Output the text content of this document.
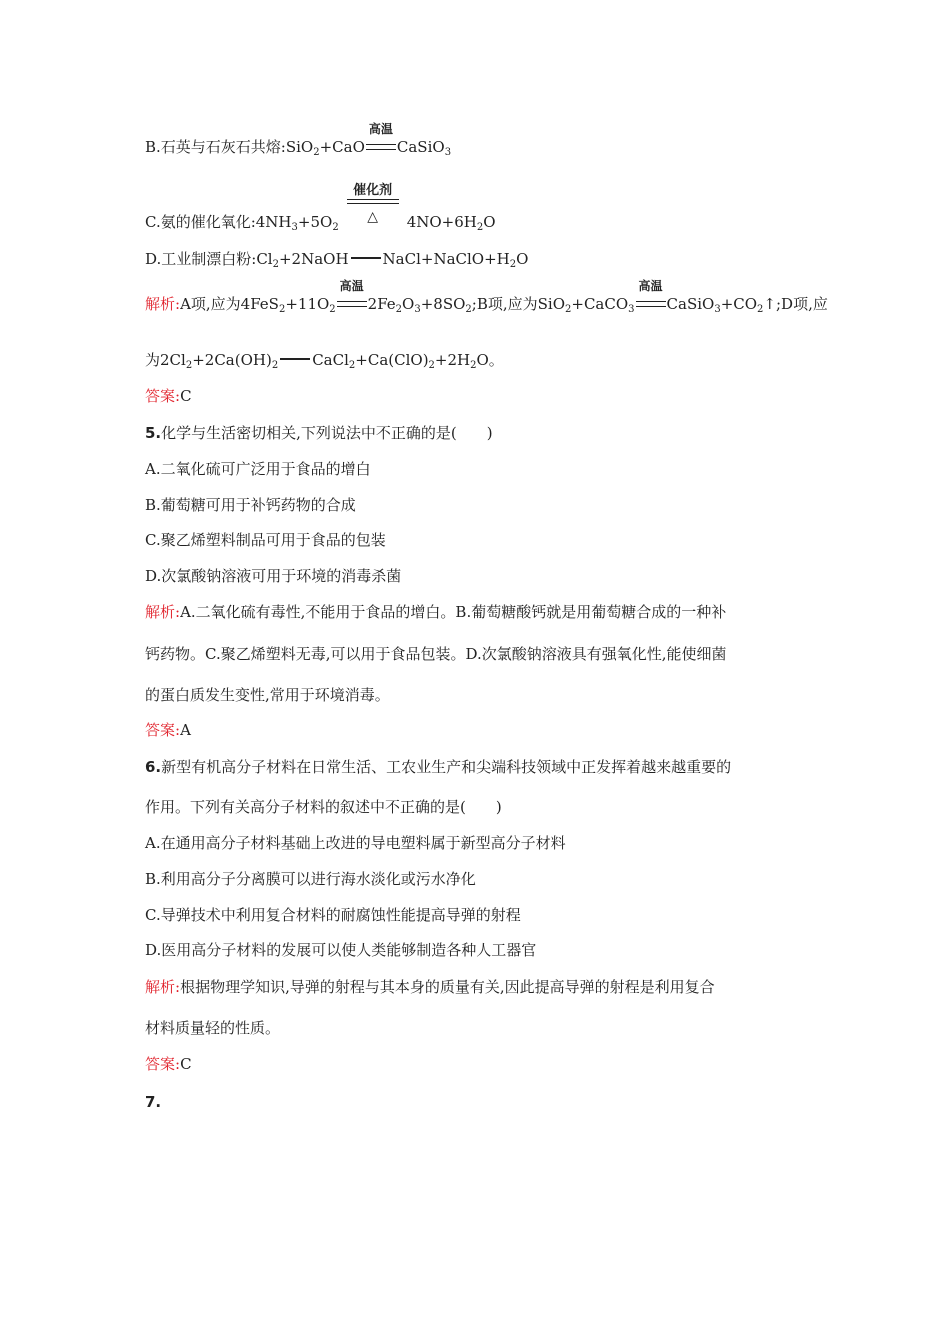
B.石英与石灰石共熔:SiO$_2$+CaO
高温
CaSiO$_3$
C.氨的催化氧化$:4NH_3+5O_2$
催化剂
△	$4NO+6H_2O$
D.工业制漂白粉$:Cl_2+2NaOH$ $NaCl+NaClO+H_2O$
解析:A项,应为$4FeS_2+11O_2$
高温
$2Fe_2O_3+8SO_2;B$项,应为SiO$_2$+CaCO$_3$
高温
$CaSiO_3+CO_2↑;D$项,应
为$2Cl_2+2Ca(OH)_2$ $CaCl_2+Ca(ClO)_2+2H_2O$。
答案:C
5.化学与生活密切相关,下列说法中不正确的是(　　)
A.二氧化硫可广泛用于食品的增白
B.葡萄糖可用于补钙药物的合成
C.聚乙烯塑料制品可用于食品的包装
D.次氯酸钠溶液可用于环境的消毒杀菌
解析:A.二氧化硫有毒性,不能用于食品的增白。B.葡萄糖酸钙就是用葡萄糖合成的一种补
钙药物。C.聚乙烯塑料无毒,可以用于食品包装。D.次氯酸钠溶液具有强氧化性,能使细菌
的蛋白质发生变性,常用于环境消毒。
答案:A
6.新型有机高分子材料在日常生活、工农业生产和尖端科技领域中正发挥着越来越重要的
作用。下列有关高分子材料的叙述中不正确的是(　　)
A.在通用高分子材料基础上改进的导电塑料属于新型高分子材料
B.利用高分子分离膜可以进行海水淡化或污水净化
C.导弹技术中利用复合材料的耐腐蚀性能提高导弹的射程
D.医用高分子材料的发展可以使人类能够制造各种人工器官
解析:根据物理学知识,导弹的射程与其本身的质量有关,因此提高导弹的射程是利用复合
材料质量轻的性质。
答案:C
7.
